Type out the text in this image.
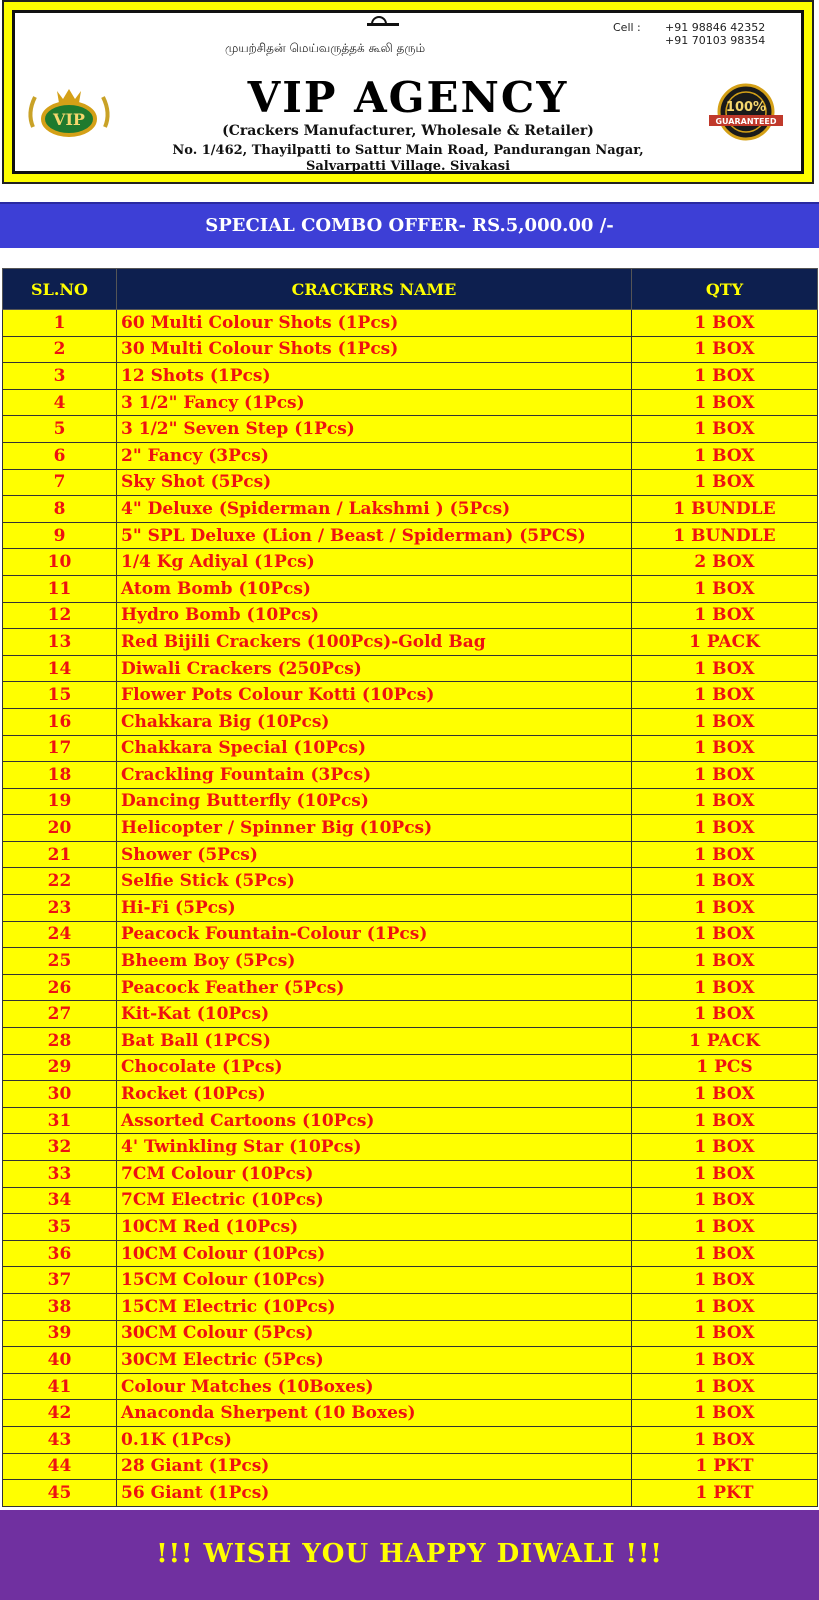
முயற்சிதன் மெய்வருத்தக் கூலி தரும்
Cell :	+91 98846 42352
+91 70103 98354
VIP	VIP AGENCY
(Crackers Manufacturer, Wholesale & Retailer)
No. 1/462, Thayilpatti to Sattur Main Road, Pandurangan Nagar,
Salvarpatti Village. Sivakasi
100%
GUARANTEED
SPECIAL COMBO OFFER- RS.5,000.00 /-
SL.NO	CRACKERS NAME	QTY
1	60 Multi Colour Shots (1Pcs)	1 BOX
2	30 Multi Colour Shots (1Pcs)	1 BOX
3	12 Shots (1Pcs)	1 BOX
4	3 1/2" Fancy (1Pcs)	1 BOX
5	3 1/2" Seven Step (1Pcs)	1 BOX
6	2" Fancy (3Pcs)	1 BOX
7	Sky Shot (5Pcs)	1 BOX
8	4" Deluxe (Spiderman / Lakshmi ) (5Pcs)	1 BUNDLE
9	5" SPL Deluxe (Lion / Beast / Spiderman) (5PCS)	1 BUNDLE
10	1/4 Kg Adiyal (1Pcs)	2 BOX
11	Atom Bomb (10Pcs)	1 BOX
12	Hydro Bomb (10Pcs)	1 BOX
13	Red Bijili Crackers (100Pcs)-Gold Bag	1 PACK
14	Diwali Crackers (250Pcs)	1 BOX
15	Flower Pots Colour Kotti (10Pcs)	1 BOX
16	Chakkara Big (10Pcs)	1 BOX
17	Chakkara Special (10Pcs)	1 BOX
18	Crackling Fountain (3Pcs)	1 BOX
19	Dancing Butterfly (10Pcs)	1 BOX
20	Helicopter / Spinner Big (10Pcs)	1 BOX
21	Shower (5Pcs)	1 BOX
22	Selfie Stick (5Pcs)	1 BOX
23	Hi-Fi (5Pcs)	1 BOX
24	Peacock Fountain-Colour (1Pcs)	1 BOX
25	Bheem Boy (5Pcs)	1 BOX
26	Peacock Feather (5Pcs)	1 BOX
27	Kit-Kat (10Pcs)	1 BOX
28	Bat Ball (1PCS)	1 PACK
29	Chocolate (1Pcs)	1 PCS
30	Rocket (10Pcs)	1 BOX
31	Assorted Cartoons (10Pcs)	1 BOX
32	4' Twinkling Star (10Pcs)	1 BOX
33	7CM Colour (10Pcs)	1 BOX
34	7CM Electric (10Pcs)	1 BOX
35	10CM Red (10Pcs)	1 BOX
36	10CM Colour (10Pcs)	1 BOX
37	15CM Colour (10Pcs)	1 BOX
38	15CM Electric (10Pcs)	1 BOX
39	30CM Colour (5Pcs)	1 BOX
40	30CM Electric (5Pcs)	1 BOX
41	Colour Matches (10Boxes)	1 BOX
42	Anaconda Sherpent (10 Boxes)	1 BOX
43	0.1K (1Pcs)	1 BOX
44	28 Giant (1Pcs)	1 PKT
45	56 Giant (1Pcs)	1 PKT
!!! WISH YOU HAPPY DIWALI !!!
